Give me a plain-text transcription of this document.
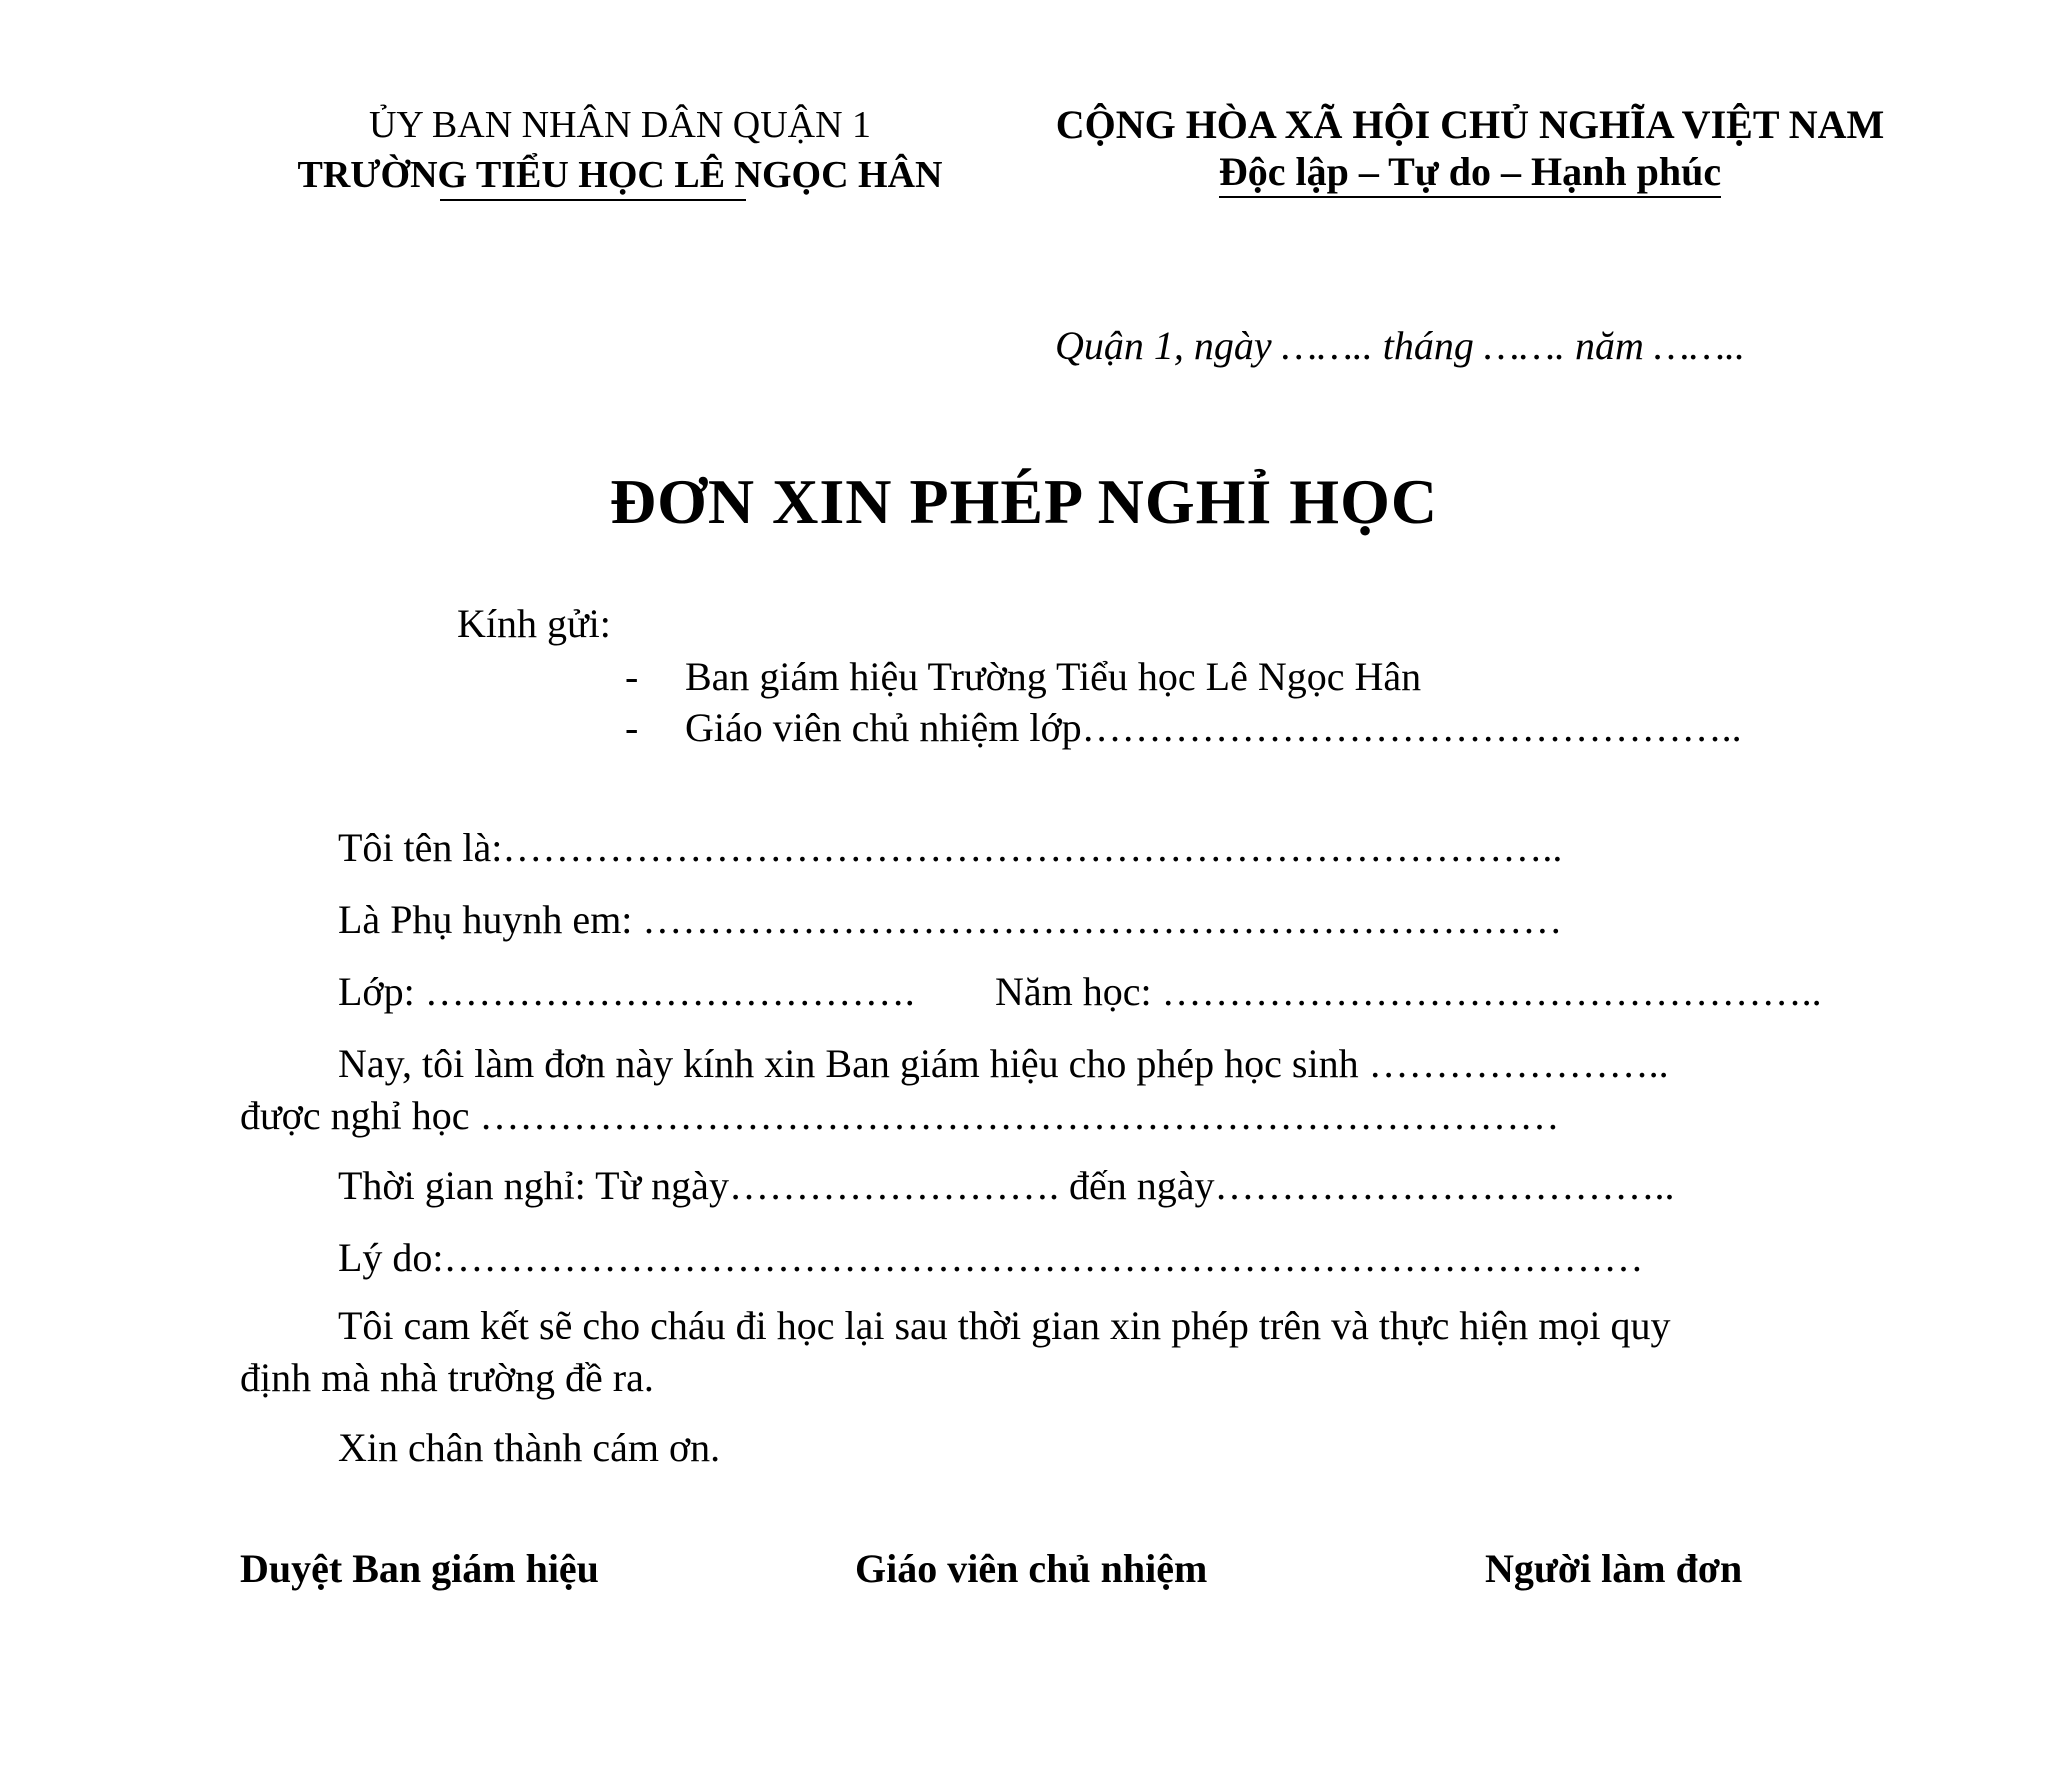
ỦY BAN NHÂN DÂN QUẬN 1
TRƯỜNG TIỂU HỌC LÊ NGỌC HÂN
CỘNG HÒA XÃ HỘI CHỦ NGHĨA VIỆT NAM
Độc lập – Tự do – Hạnh phúc
Quận 1, ngày …….. tháng ……. năm ……..
ĐƠN XIN PHÉP NGHỈ HỌC
Kính gửi:
- Ban giám hiệu Trường Tiểu học Lê Ngọc Hân
- Giáo viên chủ nhiệm lớp…………………………………………..
Tôi tên là:……………………………………………………………………..
Là Phụ huynh em: ……………………………………………………………
Lớp: ………………………………. Năm học: …………………………………………..
Nay, tôi làm đơn này kính xin Ban giám hiệu cho phép học sinh …………………..
được nghỉ học ………………………………………………………………………
Thời gian nghỉ: Từ ngày……………………. đến ngày……………………………..
Lý do:………………………………………………………………………………
Tôi cam kết sẽ cho cháu đi học lại sau thời gian xin phép trên và thực hiện mọi quy
định mà nhà trường đề ra.
Xin chân thành cám ơn.
Duyệt Ban giám hiệu	Giáo viên chủ nhiệm	Người làm đơn
